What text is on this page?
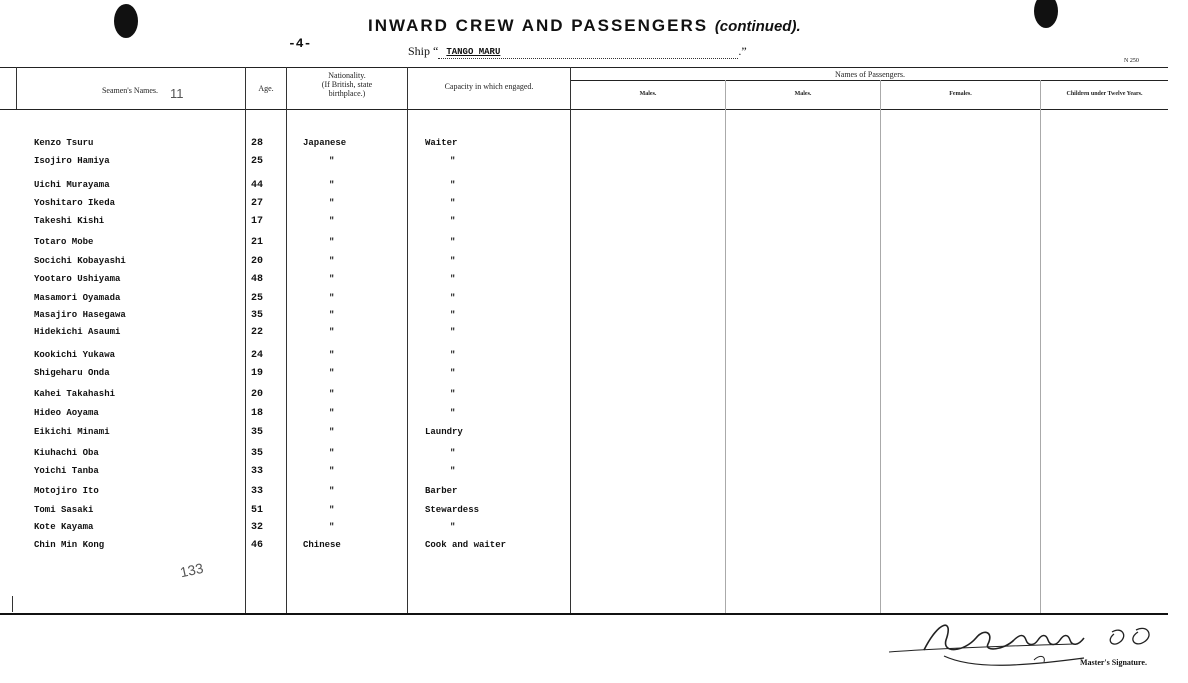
INWARD CREW AND PASSENGERS (continued).
-4-	Ship “ TANGO MARU	.”
N 250
Seamen's Names. 11	Age.
Nationality.
(If British, state
birthplace.)
Capacity in which engaged.
Names of Passengers.
Males.	Males.	Females.	Children under Twelve Years.
Kenzo Tsuru	28	Japanese	Waiter
Isojiro Hamiya	25	"	"
Uichi Murayama	44	"	"
Yoshitaro Ikeda	27	"	"
Takeshi Kishi	17	"	"
Totaro Mobe	21	"	"
Socichi Kobayashi	20	"	"
Yootaro Ushiyama	48	"	"
Masamori Oyamada	25	"	"
Masajiro Hasegawa	35	"	"
Hidekichi Asaumi	22	"	"
Kookichi Yukawa	24	"	"
Shigeharu Onda	19	"	"
Kahei Takahashi	20	"	"
Hideo Aoyama	18	"	"
Eikichi Minami	35	"	Laundry
Kiuhachi Oba	35	"	"
Yoichi Tanba	33	"	"
Motojiro Ito	33	"	Barber
Tomi Sasaki	51	"	Stewardess
Kote Kayama	32	"	"
Chin Min Kong	46	Chinese	Cook and waiter
133
Master's Signature.
